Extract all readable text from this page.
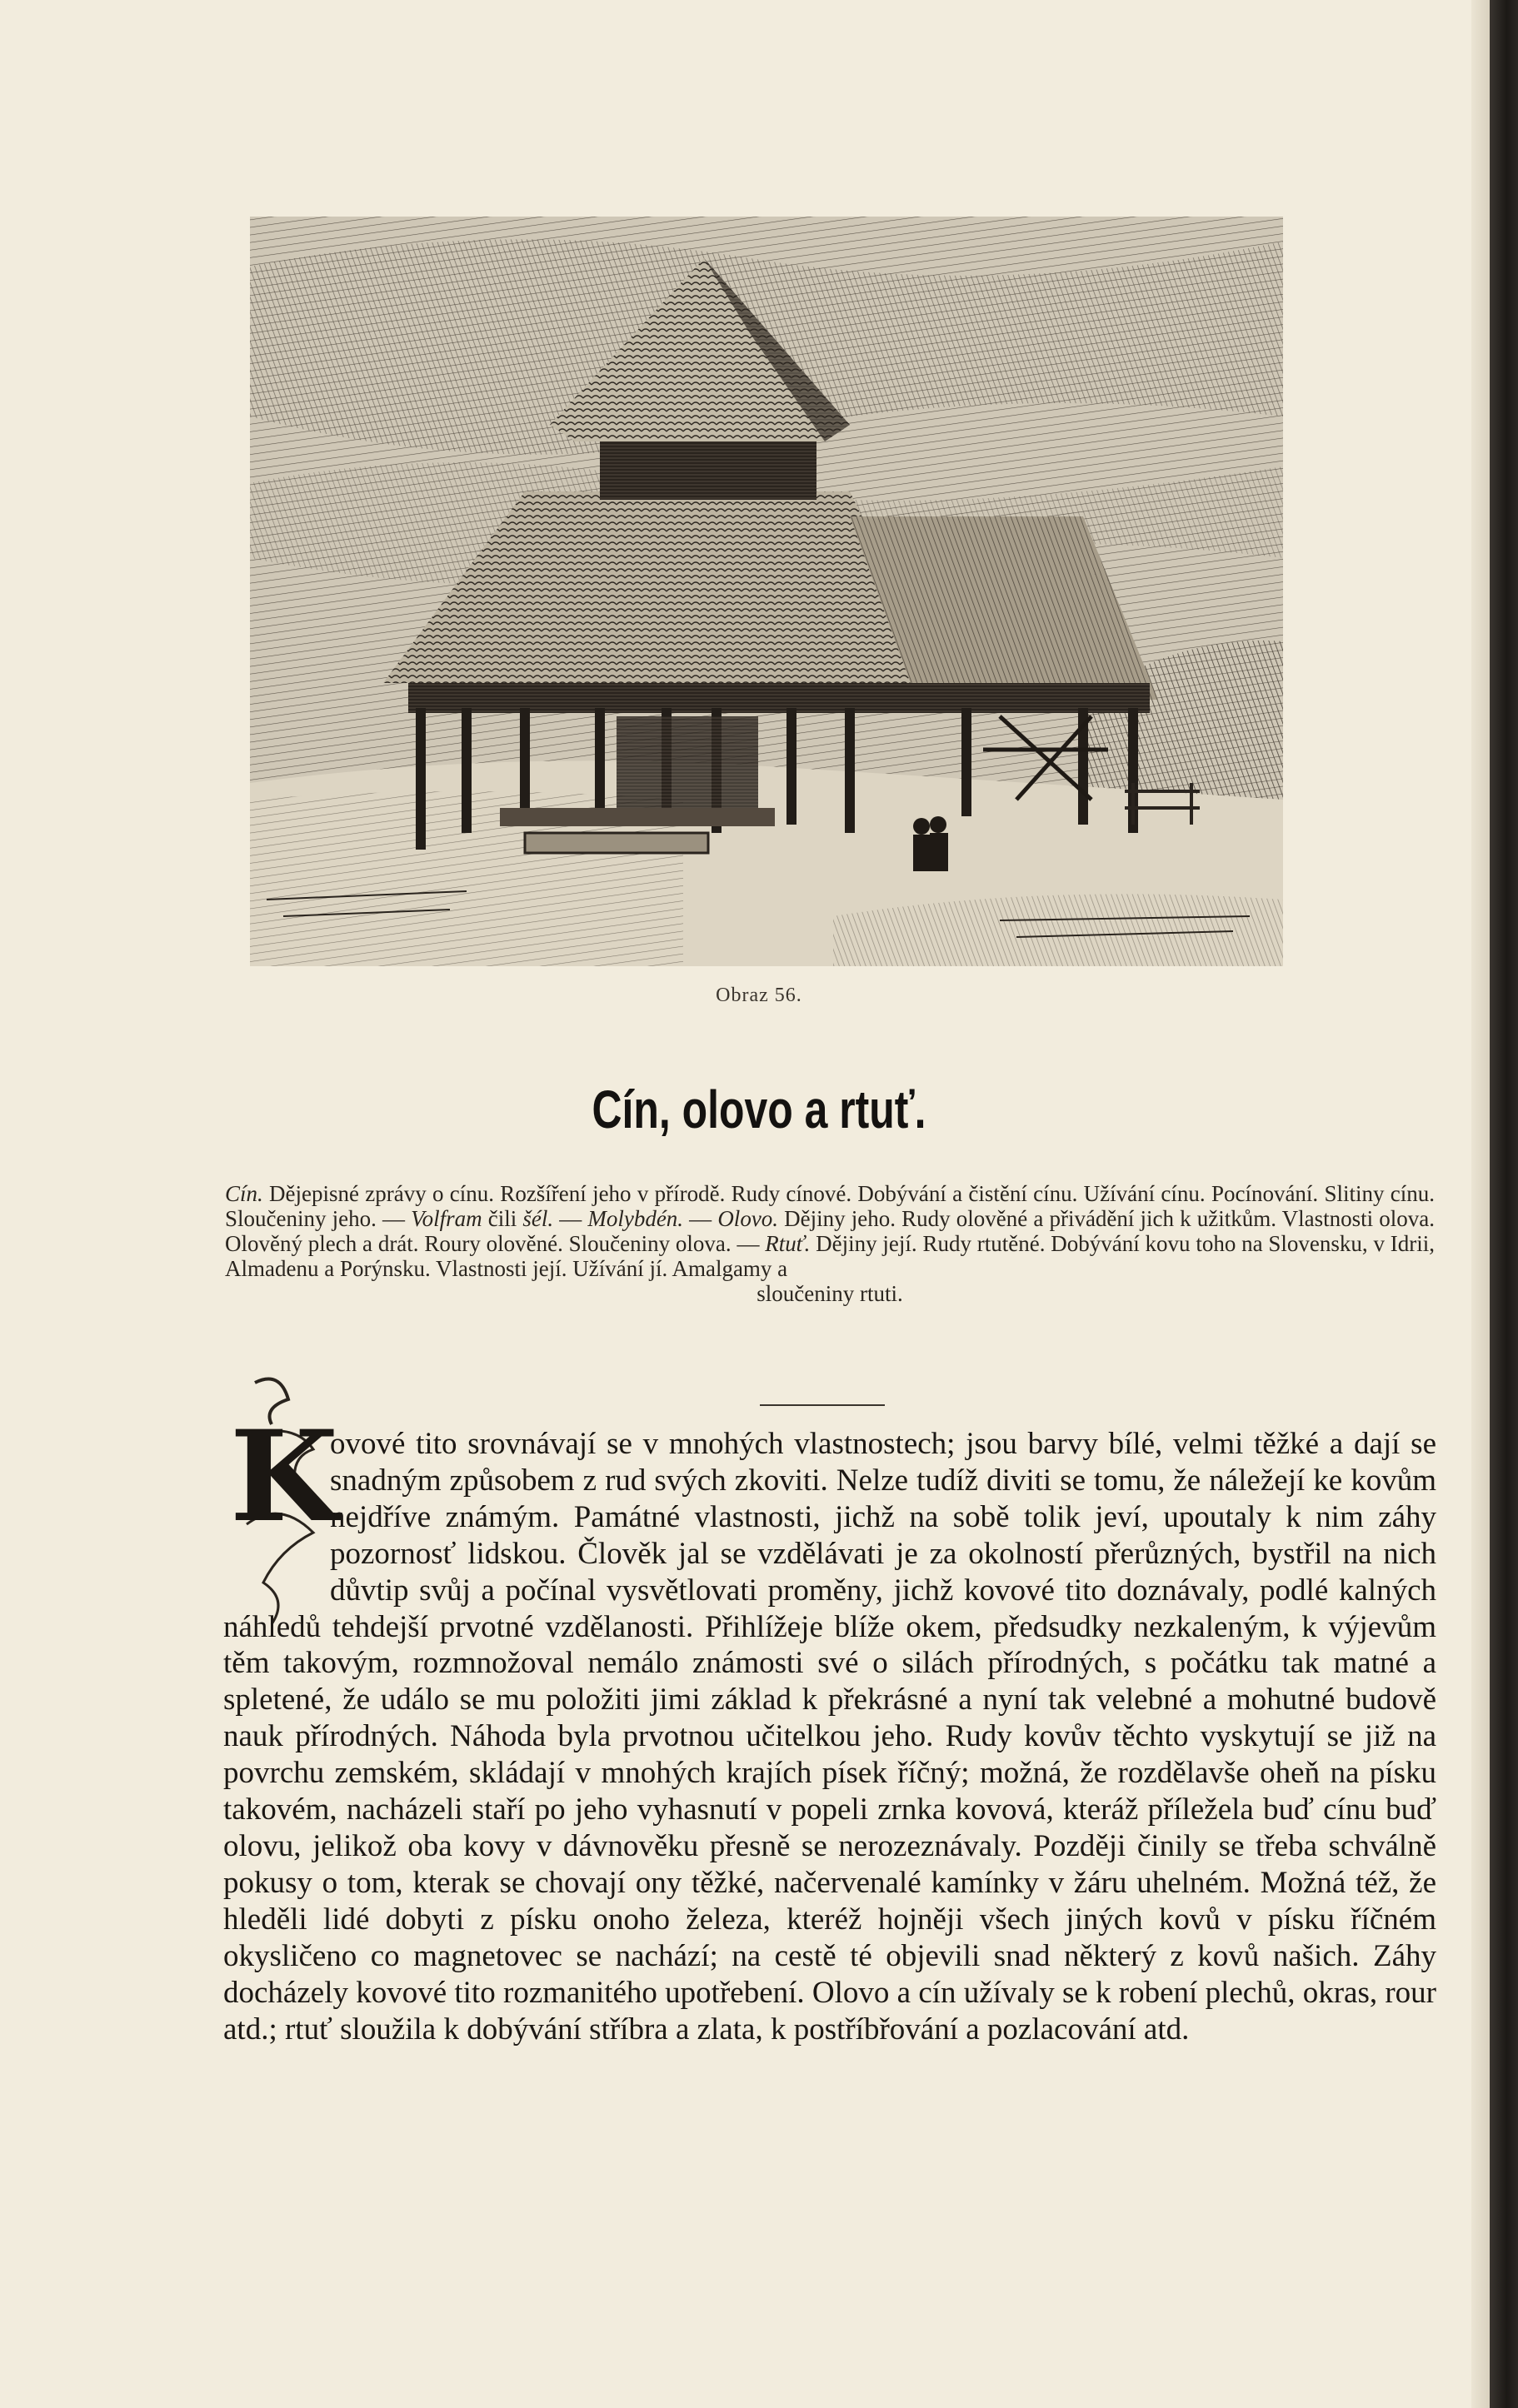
Obraz 56.
Cín, olovo a rtuť.
Cín. Dějepisné zprávy o cínu. Rozšíření jeho v přírodě. Rudy cínové. Dobývání a čistění cínu. Užívání cínu. Pocínování. Slitiny cínu. Sloučeniny jeho. — Volfram čili šél. — Molybdén. — Olovo. Dějiny jeho. Rudy olověné a přivádění jich k užitkům. Vlastnosti olova. Olověný plech a drát. Roury olověné. Sloučeniny olova. — Rtuť. Dějiny její. Rudy rtutěné. Dobývání kovu toho na Slovensku, v Idrii, Almadenu a Porýnsku. Vlastnosti její. Užívání jí. Amalgamy a
sloučeniny rtuti.
K
ovové tito srovnávají se v mnohých vlastnostech; jsou barvy bílé, velmi těžké a dají se snadným způsobem z rud svých zkoviti. Nelze tudíž diviti se tomu, že náležejí ke kovům nejdříve známým. Památné vlastnosti, jichž na sobě tolik jeví, upoutaly k nim záhy pozornosť lidskou. Člověk jal se vzdělávati je za okolností přerůzných, bystřil na nich důvtip svůj a počínal vysvětlovati proměny, jichž kovové tito doznávaly, podlé kalných náhledů tehdejší prvotné vzdělanosti. Přihlížeje blíže okem, předsudky nezkaleným, k výjevům těm takovým, rozmnožoval nemálo známosti své o silách přírodných, s počátku tak matné a spletené, že událo se mu položiti jimi základ k překrásné a nyní tak velebné a mohutné budově nauk přírodných. Náhoda byla prvotnou učitelkou jeho. Rudy kovův těchto vyskytují se již na povrchu zemském, skládají v mnohých krajích písek říčný; možná, že rozdělavše oheň na písku takovém, nacházeli staří po jeho vyhasnutí v popeli zrnka kovová, kteráž příležela buď cínu buď olovu, jelikož oba kovy v dávnověku přesně se nerozeznávaly. Později činily se třeba schválně pokusy o tom, kterak se chovají ony těžké, načervenalé kamínky v žáru uhelném. Možná též, že hleděli lidé dobyti z písku onoho železa, kteréž hojněji všech jiných kovů v písku říčném okysličeno co magnetovec se nachází; na cestě té objevili snad některý z kovů našich. Záhy docházely kovové tito rozmanitého upotřebení. Olovo a cín užívaly se k robení plechů, okras, rour atd.; rtuť sloužila k dobývání stříbra a zlata, k postříbřování a pozlacování atd.
